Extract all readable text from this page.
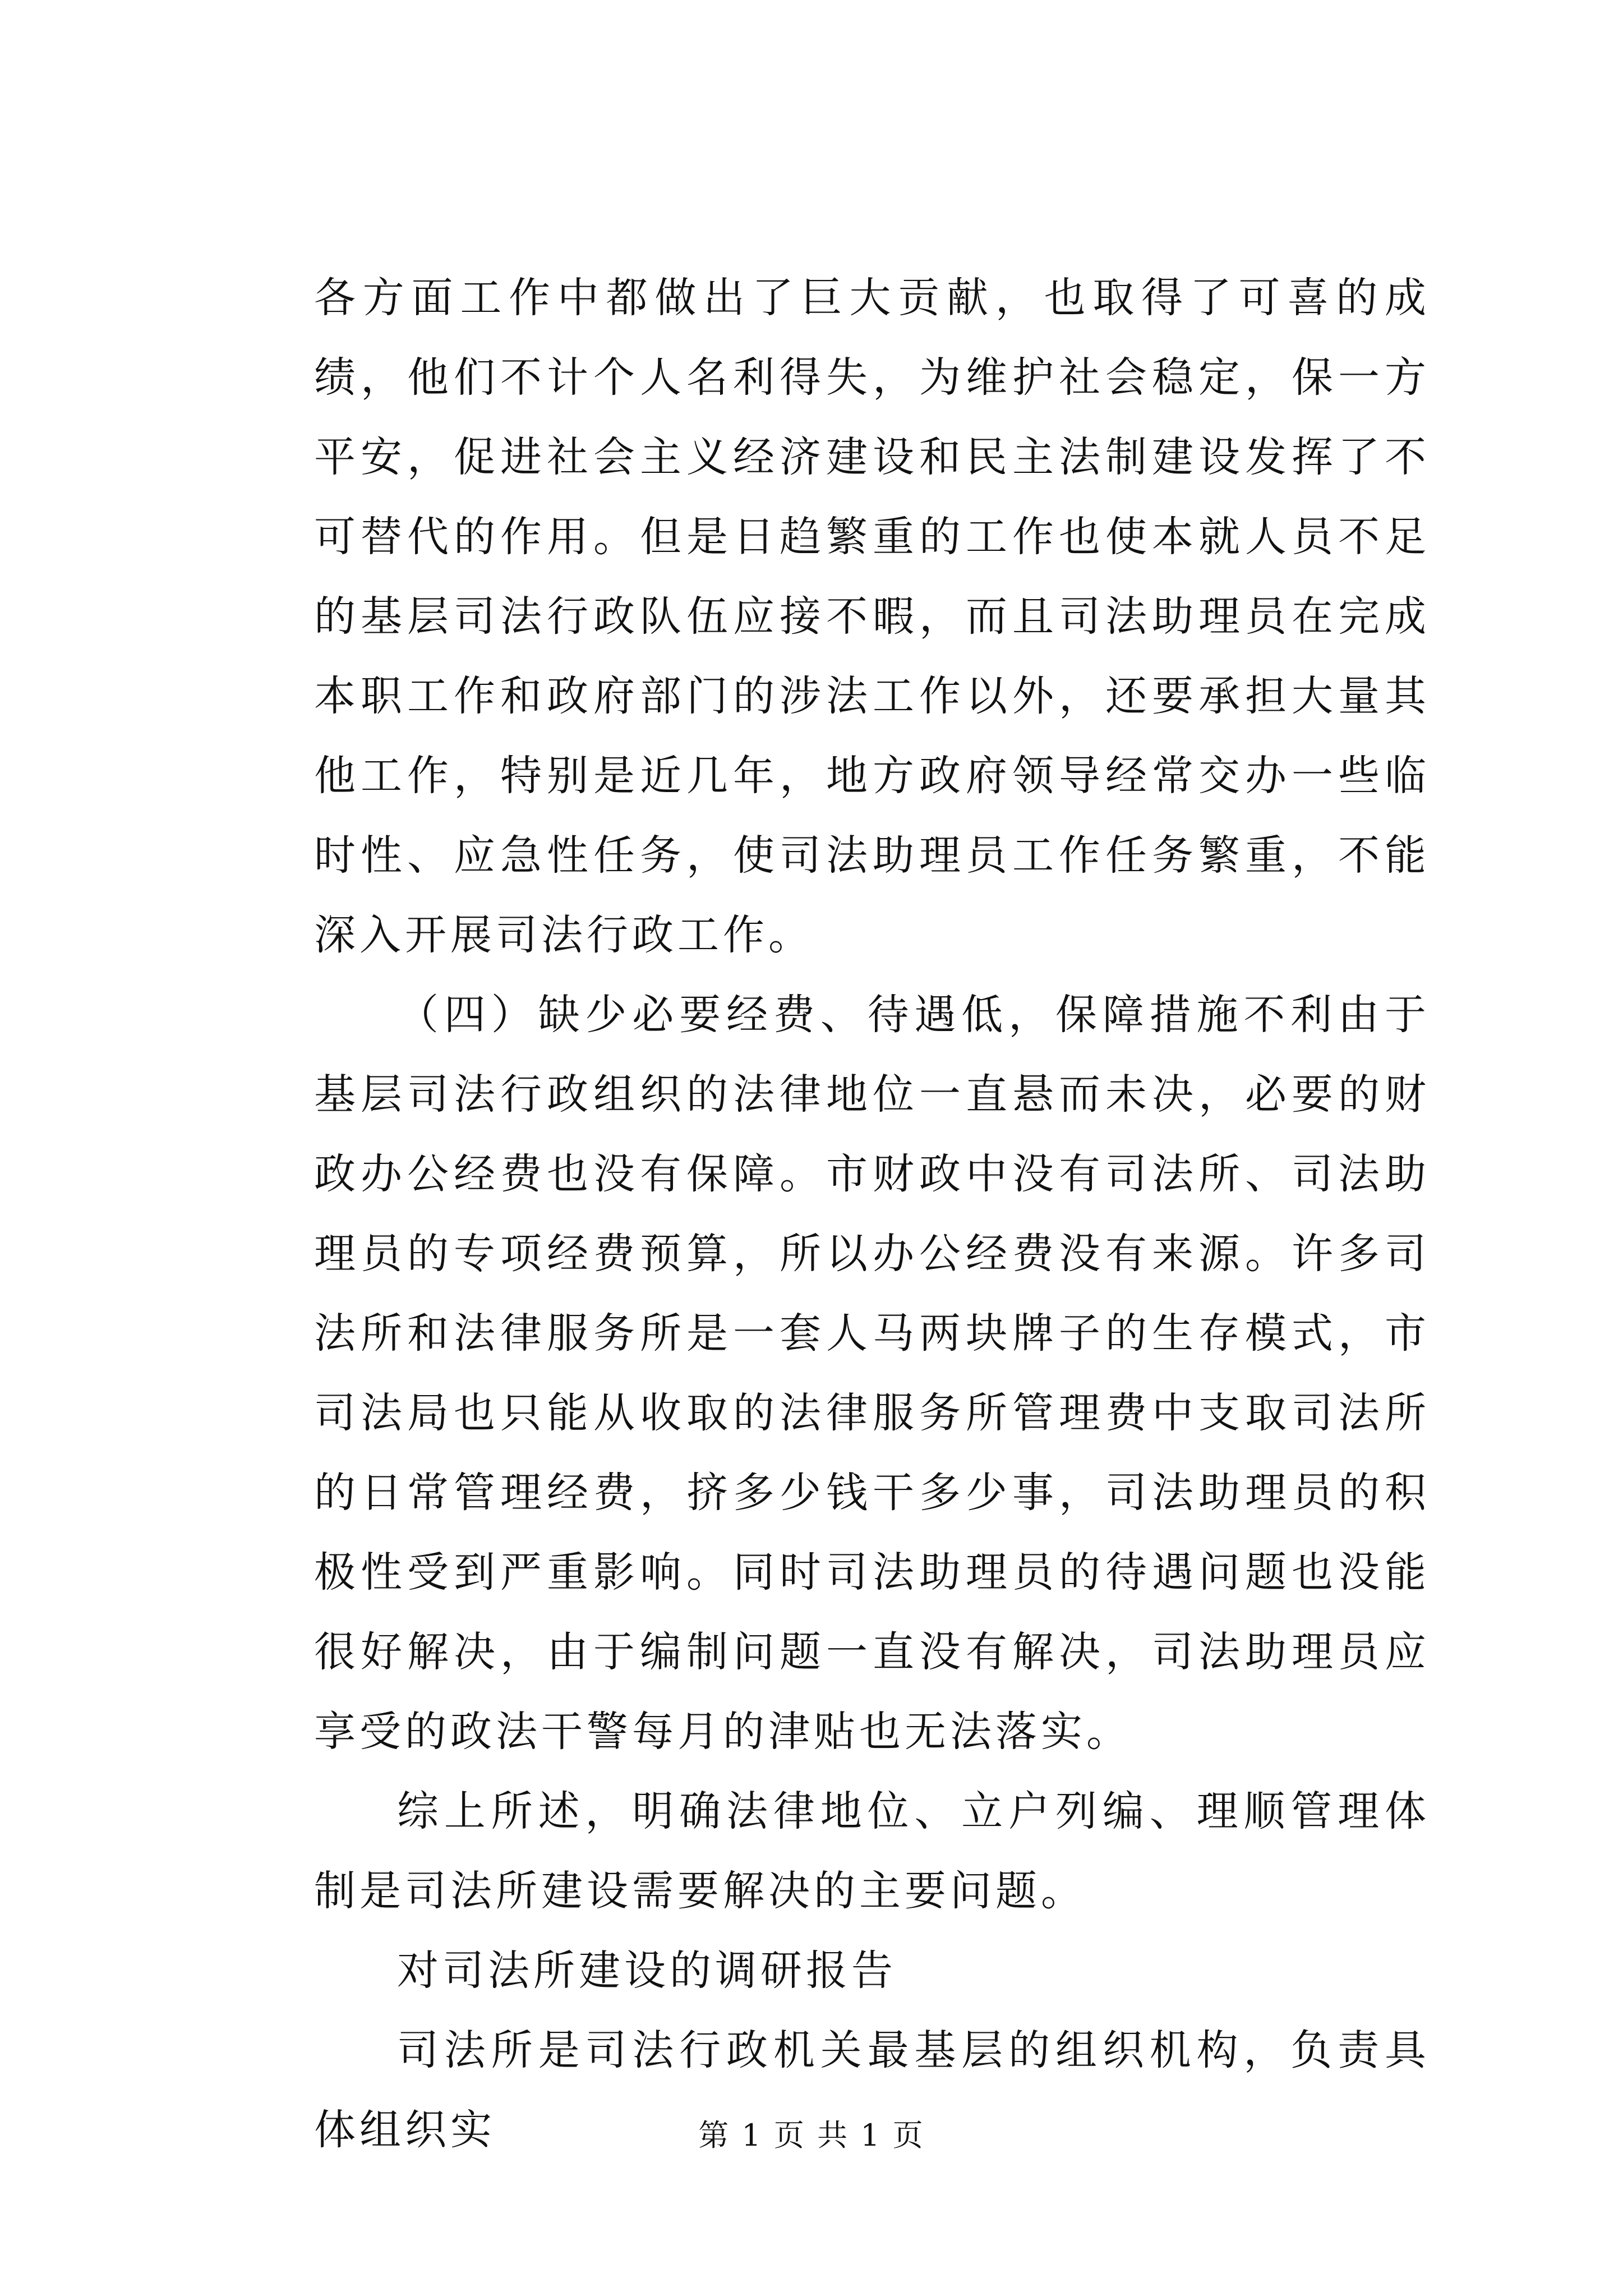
各方面工作中都做出了巨大贡献，也取得了可喜的成绩，他们不计个人名利得失，为维护社会稳定，保一方平安，促进社会主义经济建设和民主法制建设发挥了不可替代的作用。但是日趋繁重的工作也使本就人员不足的基层司法行政队伍应接不暇，而且司法助理员在完成本职工作和政府部门的涉法工作以外，还要承担大量其他工作，特别是近几年，地方政府领导经常交办一些临时性、应急性任务，使司法助理员工作任务繁重，不能深入开展司法行政工作。

（四）缺少必要经费、待遇低，保障措施不利由于基层司法行政组织的法律地位一直悬而未决，必要的财政办公经费也没有保障。市财政中没有司法所、司法助理员的专项经费预算，所以办公经费没有来源。许多司法所和法律服务所是一套人马两块牌子的生存模式，市司法局也只能从收取的法律服务所管理费中支取司法所的日常管理经费，挤多少钱干多少事，司法助理员的积极性受到严重影响。同时司法助理员的待遇问题也没能很好解决，由于编制问题一直没有解决，司法助理员应享受的政法干警每月的津贴也无法落实。

综上所述，明确法律地位、立户列编、理顺管理体制是司法所建设需要解决的主要问题。

对司法所建设的调研报告

司法所是司法行政机关最基层的组织机构，负责具体组织实	第 1 页 共 1 页
